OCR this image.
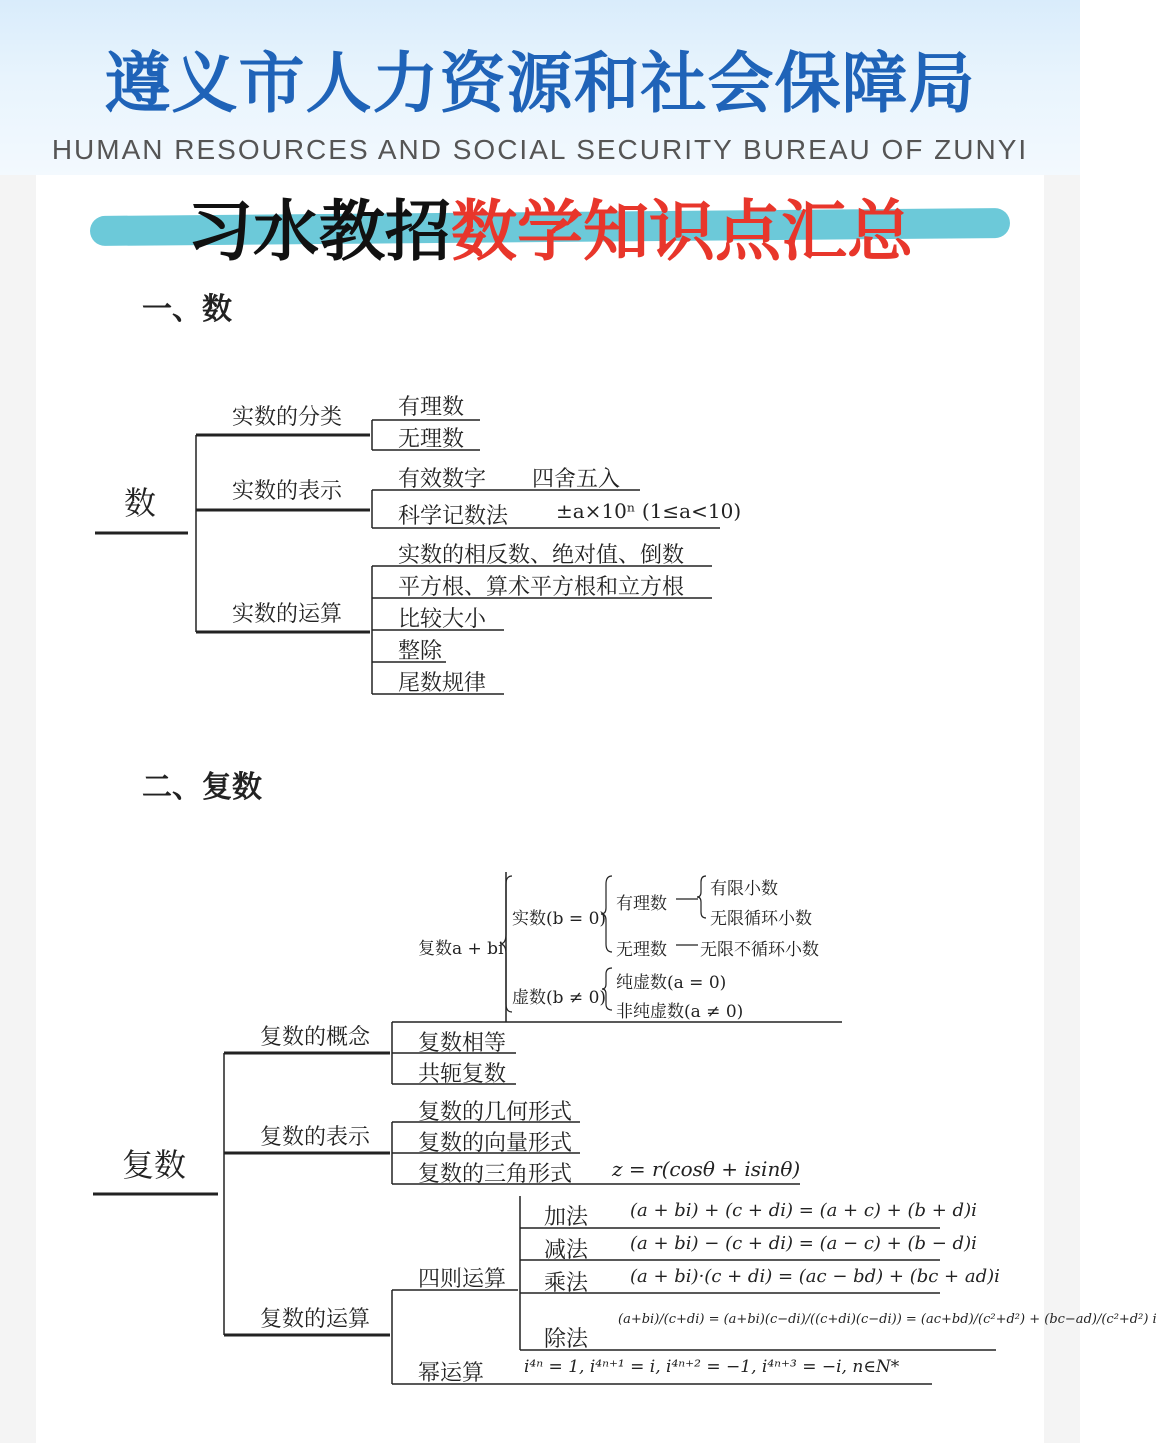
遵义市人力资源和社会保障局
HUMAN RESOURCES AND SOCIAL SECURITY BUREAU OF ZUNYI
习水教招数学知识点汇总
一、数
数
实数的分类	有理数
无理数
实数的表示	有效数字 四舍五入
科学记数法 ±a×10ⁿ (1≤a<10)
实数的运算
实数的相反数、绝对值、倒数
平方根、算术平方根和立方根
比较大小
整除
尾数规律
二、复数
复数
复数a + bi
实数(b = 0)
有理数
有限小数
无限循环小数
无理数 无限不循环小数
虚数(b ≠ 0)
纯虚数(a = 0)
非纯虚数(a ≠ 0)
复数的概念 复数相等
共轭复数
复数的表示
复数的几何形式
复数的向量形式
复数的三角形式 z = r(cosθ + isinθ)
复数的运算
四则运算
加法 (a + bi) + (c + di) = (a + c) + (b + d)i
减法 (a + bi) − (c + di) = (a − c) + (b − d)i
乘法 (a + bi)·(c + di) = (ac − bd) + (bc + ad)i
除法
(a+bi)/(c+di) = (a+bi)(c−di)/((c+di)(c−di)) = (ac+bd)/(c²+d²) + (bc−ad)/(c²+d²) i
幂运算 i⁴ⁿ = 1, i⁴ⁿ⁺¹ = i, i⁴ⁿ⁺² = −1, i⁴ⁿ⁺³ = −i, n∈N*
